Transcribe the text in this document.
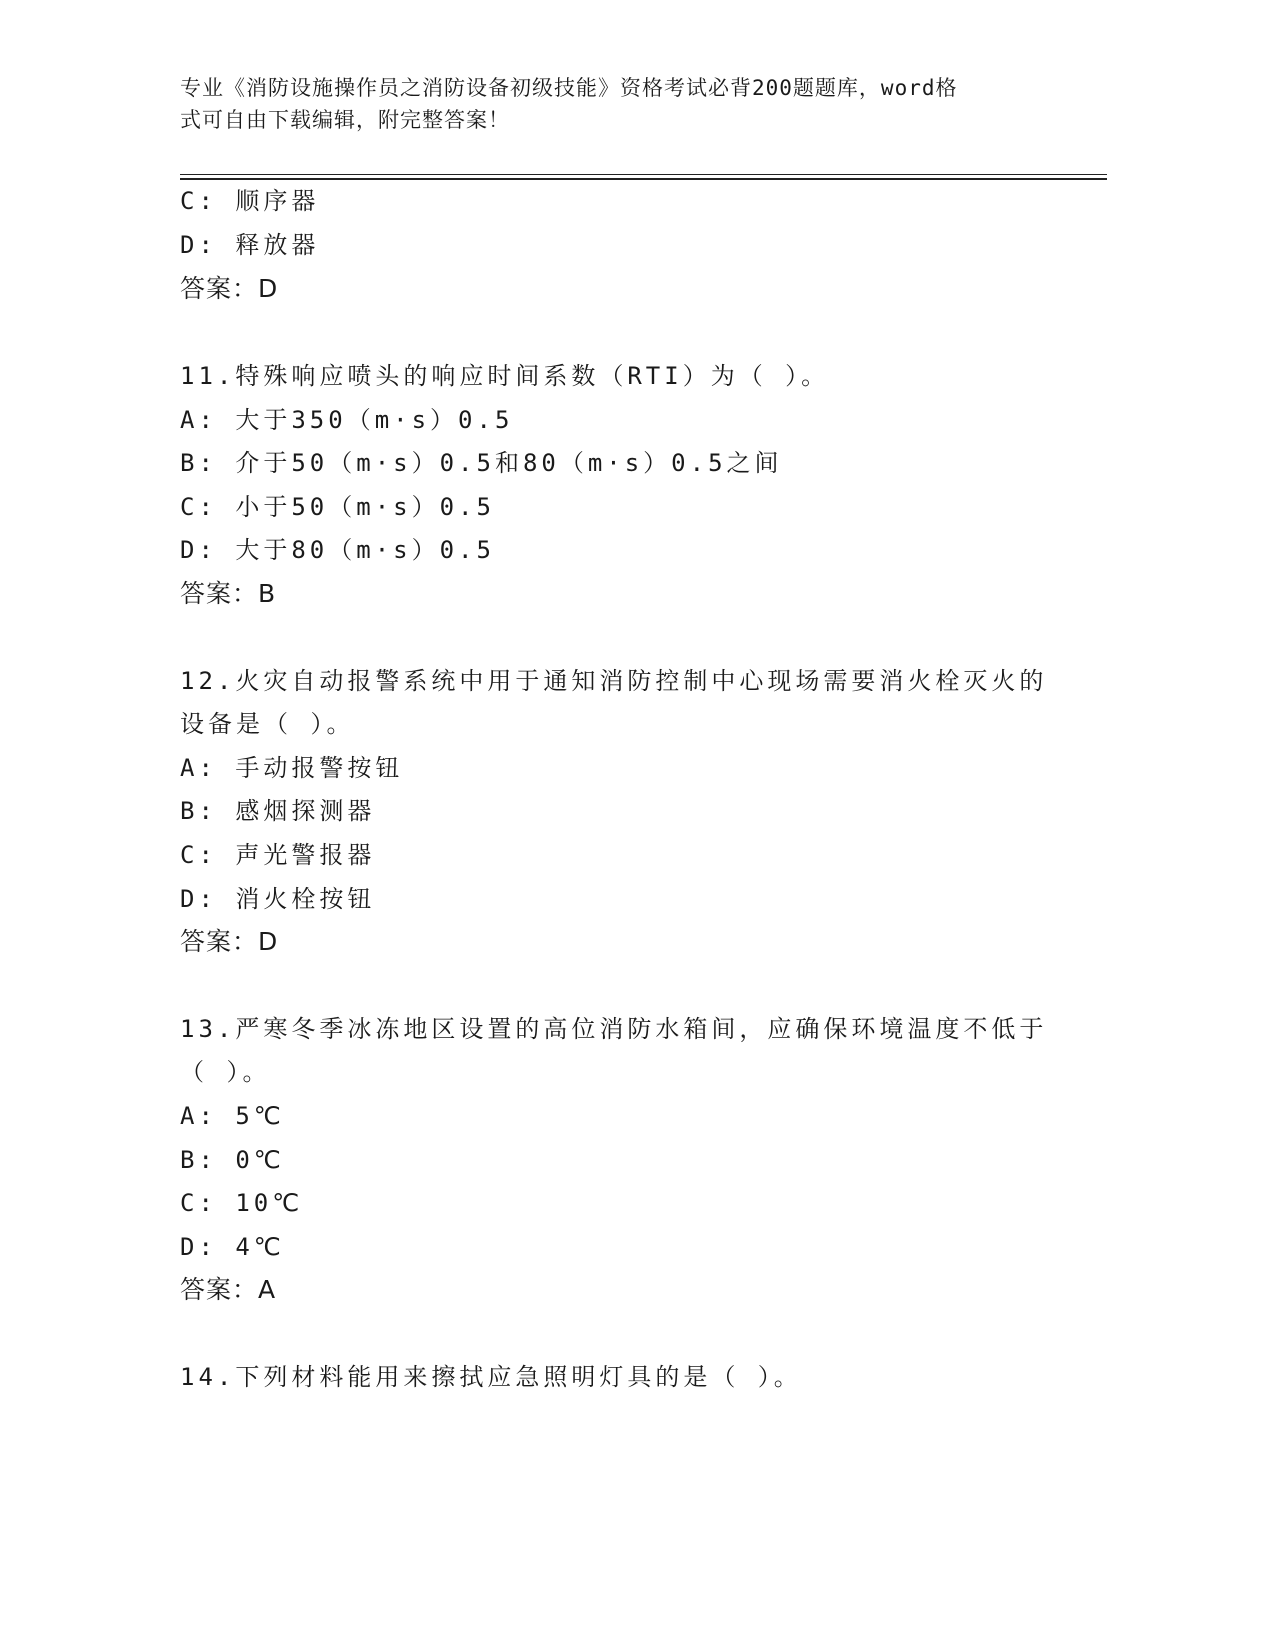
专业《消防设施操作员之消防设备初级技能》资格考试必背200题题库，word格
式可自由下载编辑，附完整答案！
C: 顺序器
D: 释放器
答案：D
11.特殊响应喷头的响应时间系数（RTI）为（ ）。
A: 大于350（m·s）0.5
B: 介于50（m·s）0.5和80（m·s）0.5之间
C: 小于50（m·s）0.5
D: 大于80（m·s）0.5
答案：B
12.火灾自动报警系统中用于通知消防控制中心现场需要消火栓灭火的
设备是（ ）。
A: 手动报警按钮
B: 感烟探测器
C: 声光警报器
D: 消火栓按钮
答案：D
13.严寒冬季冰冻地区设置的高位消防水箱间，应确保环境温度不低于
（ ）。
A: 5℃
B: 0℃
C: 10℃
D: 4℃
答案：A
14.下列材料能用来擦拭应急照明灯具的是（ ）。
